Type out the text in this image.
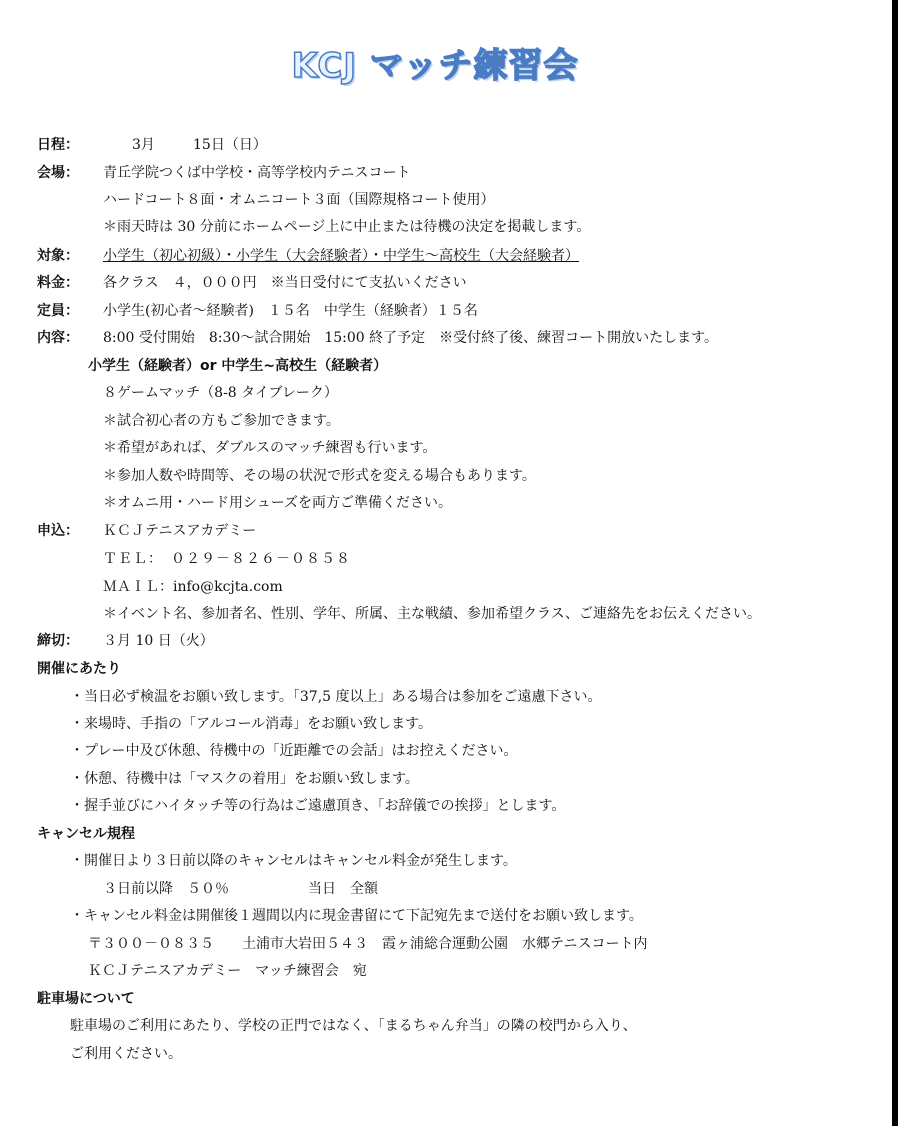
KCJ マッチ練習会
日程：	3月	15日（日）
会場： 青丘学院つくば中学校・高等学校内テニスコート
ハードコート８面・オムニコート３面（国際規格コート使用）
＊雨天時は 30 分前にホームページ上に中止または待機の決定を掲載します。
対象： 小学生（初心初級）・小学生（大会経験者）・中学生～高校生（大会経験者）
料金： 各クラス　４，０００円　※当日受付にて支払いください
定員： 小学生(初心者～経験者)　１５名　中学生（経験者）１５名
内容： 8:00 受付開始　8:30～試合開始　15:00 終了予定　※受付終了後、練習コート開放いたします。
小学生（経験者）or 中学生~高校生（経験者）
８ゲームマッチ（8-8 タイブレーク）
＊試合初心者の方もご参加できます。
＊希望があれば、ダブルスのマッチ練習も行います。
＊参加人数や時間等、その場の状況で形式を変える場合もあります。
＊オムニ用・ハード用シューズを両方ご準備ください。
申込： ＫＣＪテニスアカデミー
ＴＥＬ：　０２９－８２６－０８５８
ＭＡＩＬ：info@kcjta.com
＊イベント名、参加者名、性別、学年、所属、主な戦績、参加希望クラス、ご連絡先をお伝えください。
締切： ３月 10 日（火）
開催にあたり
・当日必ず検温をお願い致します。「37,5 度以上」ある場合は参加をご遠慮下さい。
・来場時、手指の「アルコール消毒」をお願い致します。
・プレー中及び休憩、待機中の「近距離での会話」はお控えください。
・休憩、待機中は「マスクの着用」をお願い致します。
・握手並びにハイタッチ等の行為はご遠慮頂き、「お辞儀での挨拶」とします。
キャンセル規程
・開催日より３日前以降のキャンセルはキャンセル料金が発生します。
３日前以降　５０％	当日　全額
・キャンセル料金は開催後１週間以内に現金書留にて下記宛先まで送付をお願い致します。
〒３００－０８３５　　土浦市大岩田５４３　霞ヶ浦総合運動公園　水郷テニスコート内
ＫＣＪテニスアカデミー　マッチ練習会　宛
駐車場について
駐車場のご利用にあたり、学校の正門ではなく、「まるちゃん弁当」の隣の校門から入り、
ご利用ください。
